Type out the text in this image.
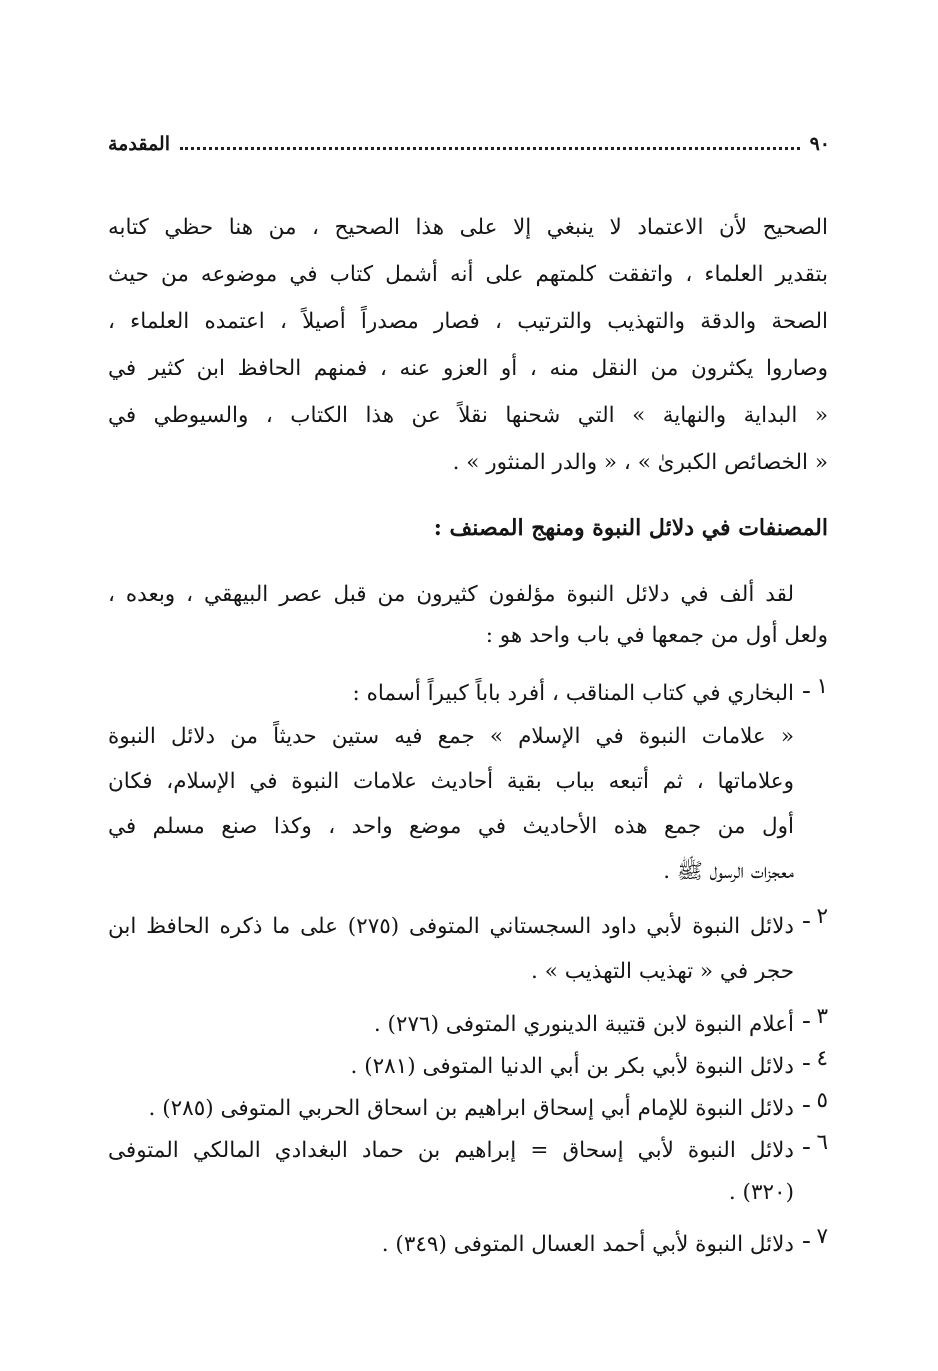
٩٠
المقدمة

الصحيح لأن الاعتماد لا ينبغي إلا على هذا الصحيح ، من هنا حظي كتابه

بتقدير العلماء ، واتفقت كلمتهم على أنه أشمل كتاب في موضوعه من حيث

الصحة والدقة والتهذيب والترتيب ، فصار مصدراً أصيلاً ، اعتمده العلماء ،

وصاروا يكثرون من النقل منه ، أو العزو عنه ، فمنهم الحافظ ابن كثير في

« البداية والنهاية » التي شحنها نقلاً عن هذا الكتاب ، والسيوطي في

« الخصائص الكبرىٰ » ، « والدر المنثور » .

المصنفات في دلائل النبوة ومنهج المصنف :

لقد ألف في دلائل النبوة مؤلفون كثيرون من قبل عصر البيهقي ، وبعده ،

ولعل أول من جمعها في باب واحد هو :

١ ـ

البخاري في كتاب المناقب ، أفرد باباً كبيراً أسماه :

« علامات النبوة في الإسلام » جمع فيه ستين حديثاً من دلائل النبوة

وعلاماتها ، ثم أتبعه بباب بقية أحاديث علامات النبوة في الإسلام، فكان

أول من جمع هذه الأحاديث في موضع واحد ، وكذا صنع مسلم في

معجزات الرسول ﷺ .

٢ ـ

دلائل النبوة لأبي داود السجستاني المتوفى (٢٧٥) على ما ذكره الحافظ ابن

حجر في « تهذيب التهذيب » .

٣ ـ

أعلام النبوة لابن قتيبة الدينوري المتوفى (٢٧٦) .

٤ ـ

دلائل النبوة لأبي بكر بن أبي الدنيا المتوفى (٢٨١) .

٥ ـ

دلائل النبوة للإمام أبي إسحاق ابراهيم بن اسحاق الحربي المتوفى (٢٨٥) .

٦ ـ

دلائل النبوة لأبي إسحاق = إبراهيم بن حماد البغدادي المالكي المتوفى

(٣٢٠) .

٧ ـ

دلائل النبوة لأبي أحمد العسال المتوفى (٣٤٩) .
